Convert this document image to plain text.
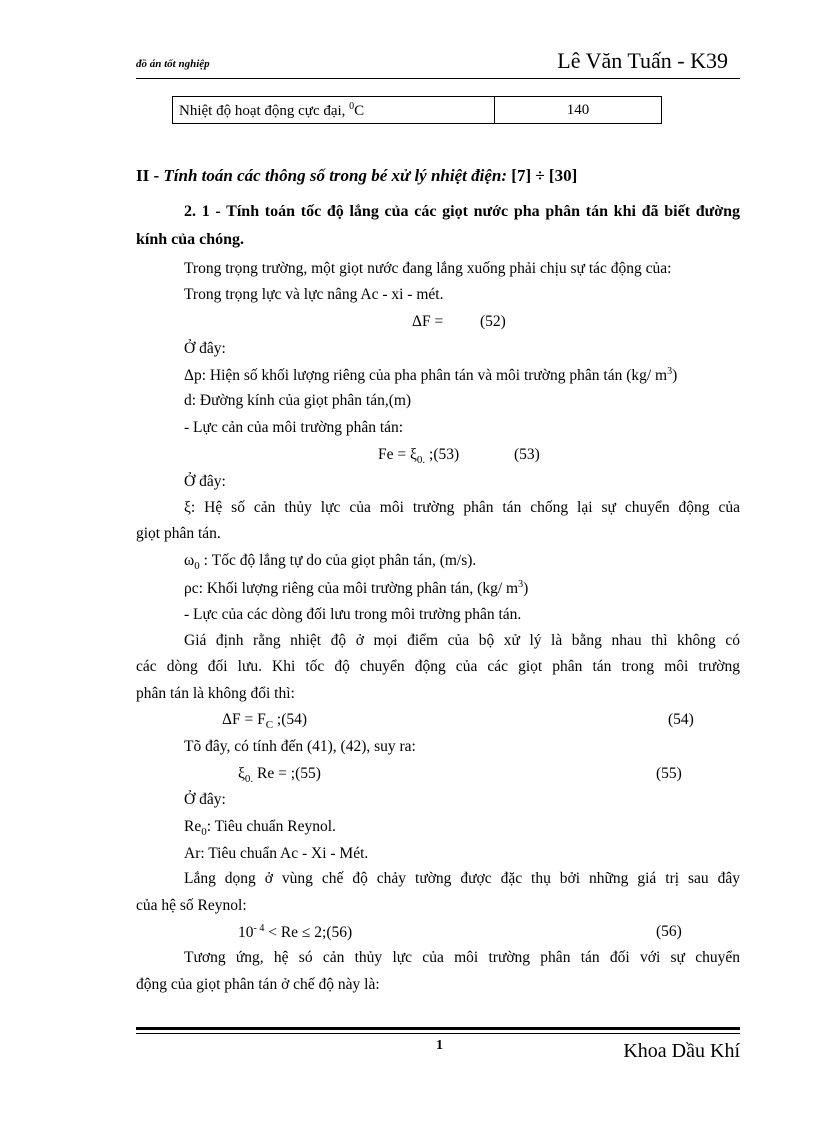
đồ án tốt nghiệp	Lê Văn Tuấn - K39
Nhiệt độ hoạt động cực đại, $^0$C	140
II - Tính toán các thông số trong bé xử lý nhiệt điện: [7] ÷ [30]
2. 1 - Tính toán tốc độ lắng của các giọt nước pha phân tán khi đã biết đường kính của chóng.
Trong trọng trường, một giọt nước đang lắng xuống phải chịu sự tác động của:
Trong trọng lực và lực nâng Ac - xi - mét.
ΔF = (52)
Ở đây:
Δp: Hiện số khối lượng riêng của pha phân tán và môi trường phân tán (kg/ $m^3$)
d: Đường kính của giọt phân tán,(m)
- Lực cản của môi trường phân tán:
$Fe = \xi_{0.}$ ;(53)	(53)
Ở đây:
ξ: Hệ số cản thủy lực của môi trường phân tán chống lại sự chuyển động của
giọt phân tán.
$\omega_0$ : Tốc độ lắng tự do của giọt phân tán, (m/s).
ρc: Khối lượng riêng của môi trường phân tán, (kg/ $m^3$)
- Lực của các dòng đối lưu trong môi trường phân tán.
Giá định rằng nhiệt độ ở mọi điểm của bộ xử lý là bằng nhau thì không có
các dòng đối lưu. Khi tốc độ chuyển động của các giọt phân tán trong môi trường
phân tán là không đổi thì:
$\Delta F = F_C$ ;(54)	(54)
Tõ đây, có tính đến (41), (42), suy ra:
$\xi_{0.}$ Re = ;(55)	(55)
Ở đây:
$Re_0$: Tiêu chuẩn Reynol.
Ar: Tiêu chuẩn Ac - Xi - Mét.
Lắng dọng ở vùng chế độ chảy tường được đặc thụ bởi những giá trị sau đây
của hệ số Reynol:
$10^{- 4} < Re$ ≤ 2;(56)	(56)
Tương ứng, hệ só cản thủy lực của môi trường phân tán đối với sự chuyển
động của giọt phân tán ở chế độ này là:
1	Khoa Dầu Khí
